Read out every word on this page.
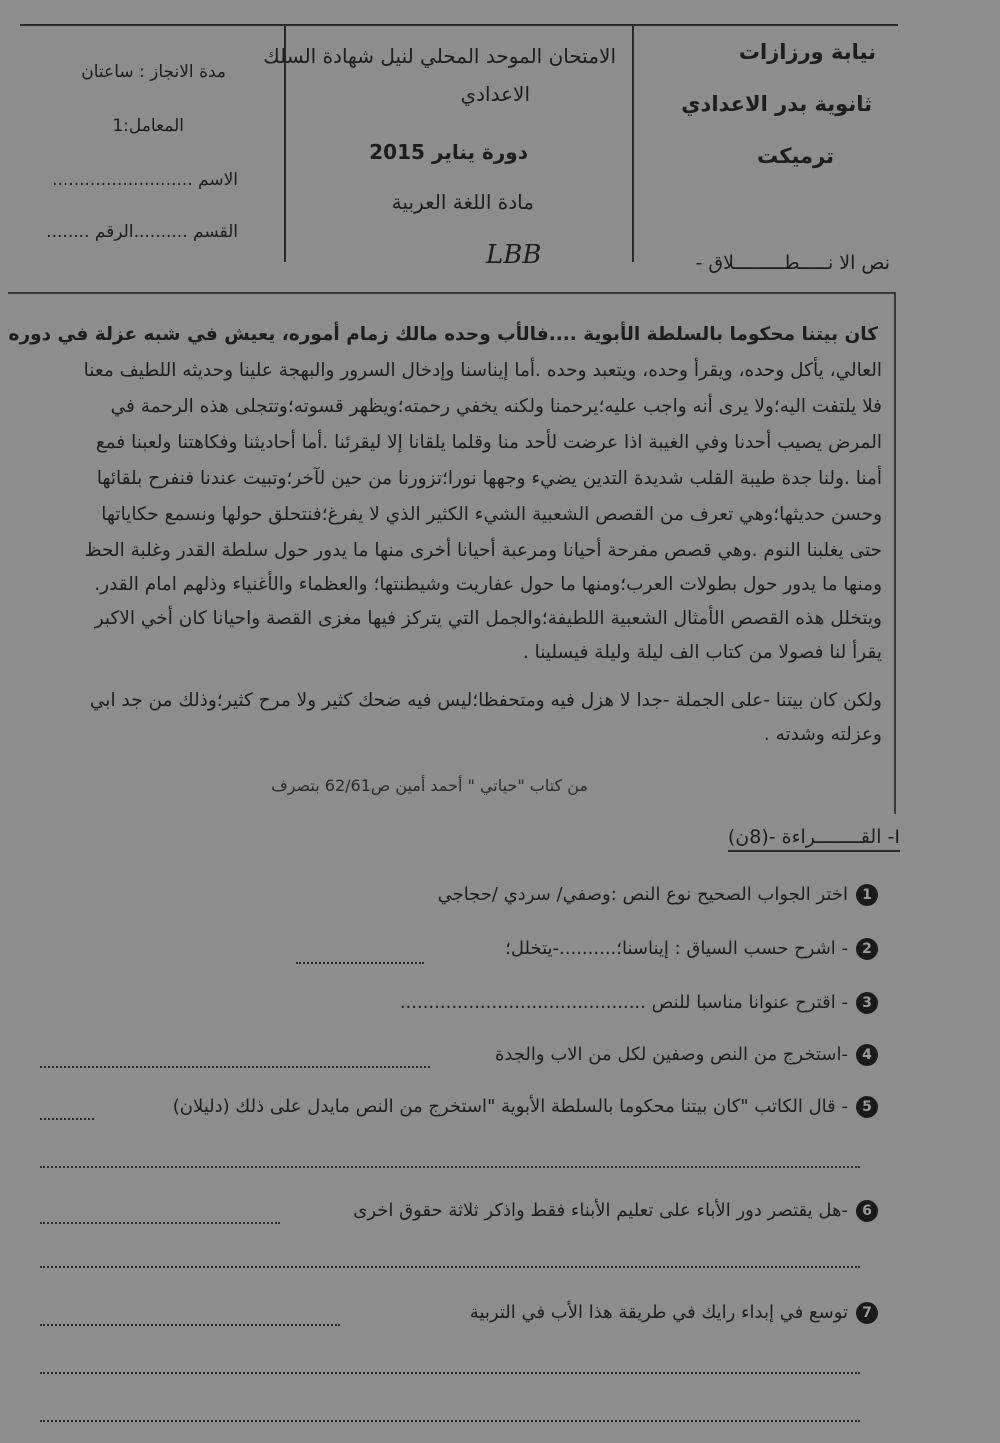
نيابة ورزازات
ثانوية بدر الاعدادي
ترميكت
الامتحان الموحد المحلي لنيل شهادة السلك
الاعدادي
دورة يناير 2015
مادة اللغة العربية
LBB
مدة الانجاز : ساعتان
المعامل:1
الاسم ..........................
القسم ..........الرقم ........
نص الا نـــــطـــــــــلاق -
كان بيتنا محكوما بالسلطة الأبوية ....فالأب وحده مالك زمام أموره، يعيش في شبه عزلة في دوره
العالي، يأكل وحده، ويقرأ وحده، ويتعبد وحده .أما إيناسنا وإدخال السرور والبهجة علينا وحديثه اللطيف معنا
فلا يلتفت اليه؛ولا يرى أنه واجب عليه؛يرحمنا ولكنه يخفي رحمته؛ويظهر قسوته؛وتتجلى هذه الرحمة في
المرض يصيب أحدنا وفي الغيبة اذا عرضت لأحد منا وقلما يلقانا إلا ليقرئنا .أما أحاديثنا وفكاهتنا ولعبنا فمع
أمنا .ولنا جدة طيبة القلب شديدة التدين يضيء وجهها نورا؛تزورنا من حين لآخر؛وتبيت عندنا فنفرح بلقائها
وحسن حديثها؛وهي تعرف من القصص الشعبية الشيء الكثير الذي لا يفرغ؛فنتحلق حولها ونسمع حكاياتها
حتى يغلبنا النوم .وهي قصص مفرحة أحيانا ومرعبة أحيانا أخرى منها ما يدور حول سلطة القدر وغلبة الحظ
ومنها ما يدور حول بطولات العرب؛ومنها ما حول عفاريت وشيطنتها؛ والعظماء والأغنياء وذلهم امام القدر.
ويتخلل هذه القصص الأمثال الشعبية اللطيفة؛والجمل التي يتركز فيها مغزى القصة واحيانا كان أخي الاكبر
يقرأ لنا فصولا من كتاب الف ليلة وليلة فيسلينا .
ولكن كان بيتنا -على الجملة -جدا لا هزل فيه ومتحفظا؛ليس فيه ضحك كثير ولا مرح كثير؛وذلك من جد ابي
وعزلته وشدته .
من كتاب "حياتي " أحمد أمين ص62/61 بتصرف
I- القــــــــراءة -(8ن)
1
اختر الجواب الصحيح نوع النص :وصفي/ سردي /حجاجي
2
- اشرح حسب السياق : إيناسنا؛..........-يتخلل؛
3
- اقترح عنوانا مناسبا للنص ...........................................
4
-استخرج من النص وصفين لكل من الاب والجدة
5
- قال الكاتب "كان بيتنا محكوما بالسلطة الأبوية "استخرج من النص مايدل على ذلك (دليلان)
6
-هل يقتصر دور الأباء على تعليم الأبناء فقط واذكر ثلاثة حقوق اخرى
7
توسع في إبداء رايك في طريقة هذا الأب في التربية
